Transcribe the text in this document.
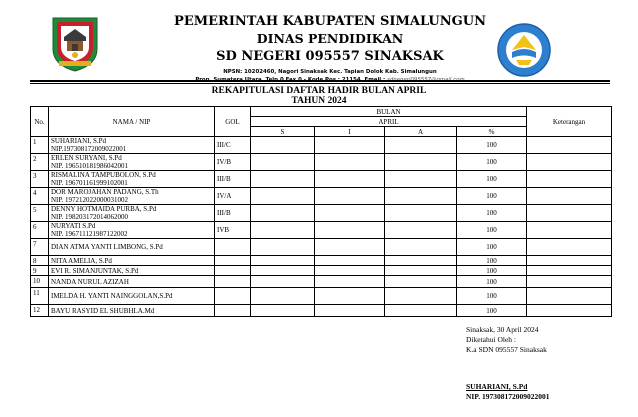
PEMERINTAH KABUPATEN SIMALUNGUN
DINAS PENDIDIKAN
SD NEGERI 095557 SINAKSAK
NPSN: 10202460, Nagori Sinaksak Kec. Tapian Dolok Kab. Simalungun
Prop. Sumatera Utara, Telp.0 Fax.0 - Kode Pos : 21154, Email : sdnegeri095557@gmail.com
REKAPITULASI DAFTAR HADIR BULAN APRIL
TAHUN 2024
No.	NAMA / NIP	GOL	BULAN				Keterangan
			APRIL				
			S	I	A	%	
1	SUHARIANI, S.Pd
NIP.197308172009022001	III/C				100	
2	ERLEN SURYANI, S.Pd
NIP. 196510181986042001	IV/B				100	
3	RISMALINA TAMPUBOLON, S.Pd
NIP. 196701161999102001	III/B				100	
4	DOR MAROJAHAN PADANG, S.Th
NIP. 197212022000031002	IV/A				100	
5	DENNY HOTMAIDA PURBA, S.Pd
NIP. 198203172014062000	III/B				100	
6	NURYATI S.Pd
NIP. 196711121987122002	IVB				100	
7	DIAN ATMA YANTI LIMBONG, S.Pd					100	
8	NITA AMELIA, S.Pd					100	
9	EVI R. SIMANJUNTAK, S.Pd					100	
10	NANDA NURUL AZIZAH					100	
11	IMELDA H. YANTI NAINGGOLAN,S.Pd					100	
12	BAYU RASYID EL SHUBHLA.Md					100	
Sinaksak, 30 April 2024
Diketahui Oleh :
K.a SDN 095557 Sinaksak
SUHARIANI, S.Pd
NIP. 197308172009022001
